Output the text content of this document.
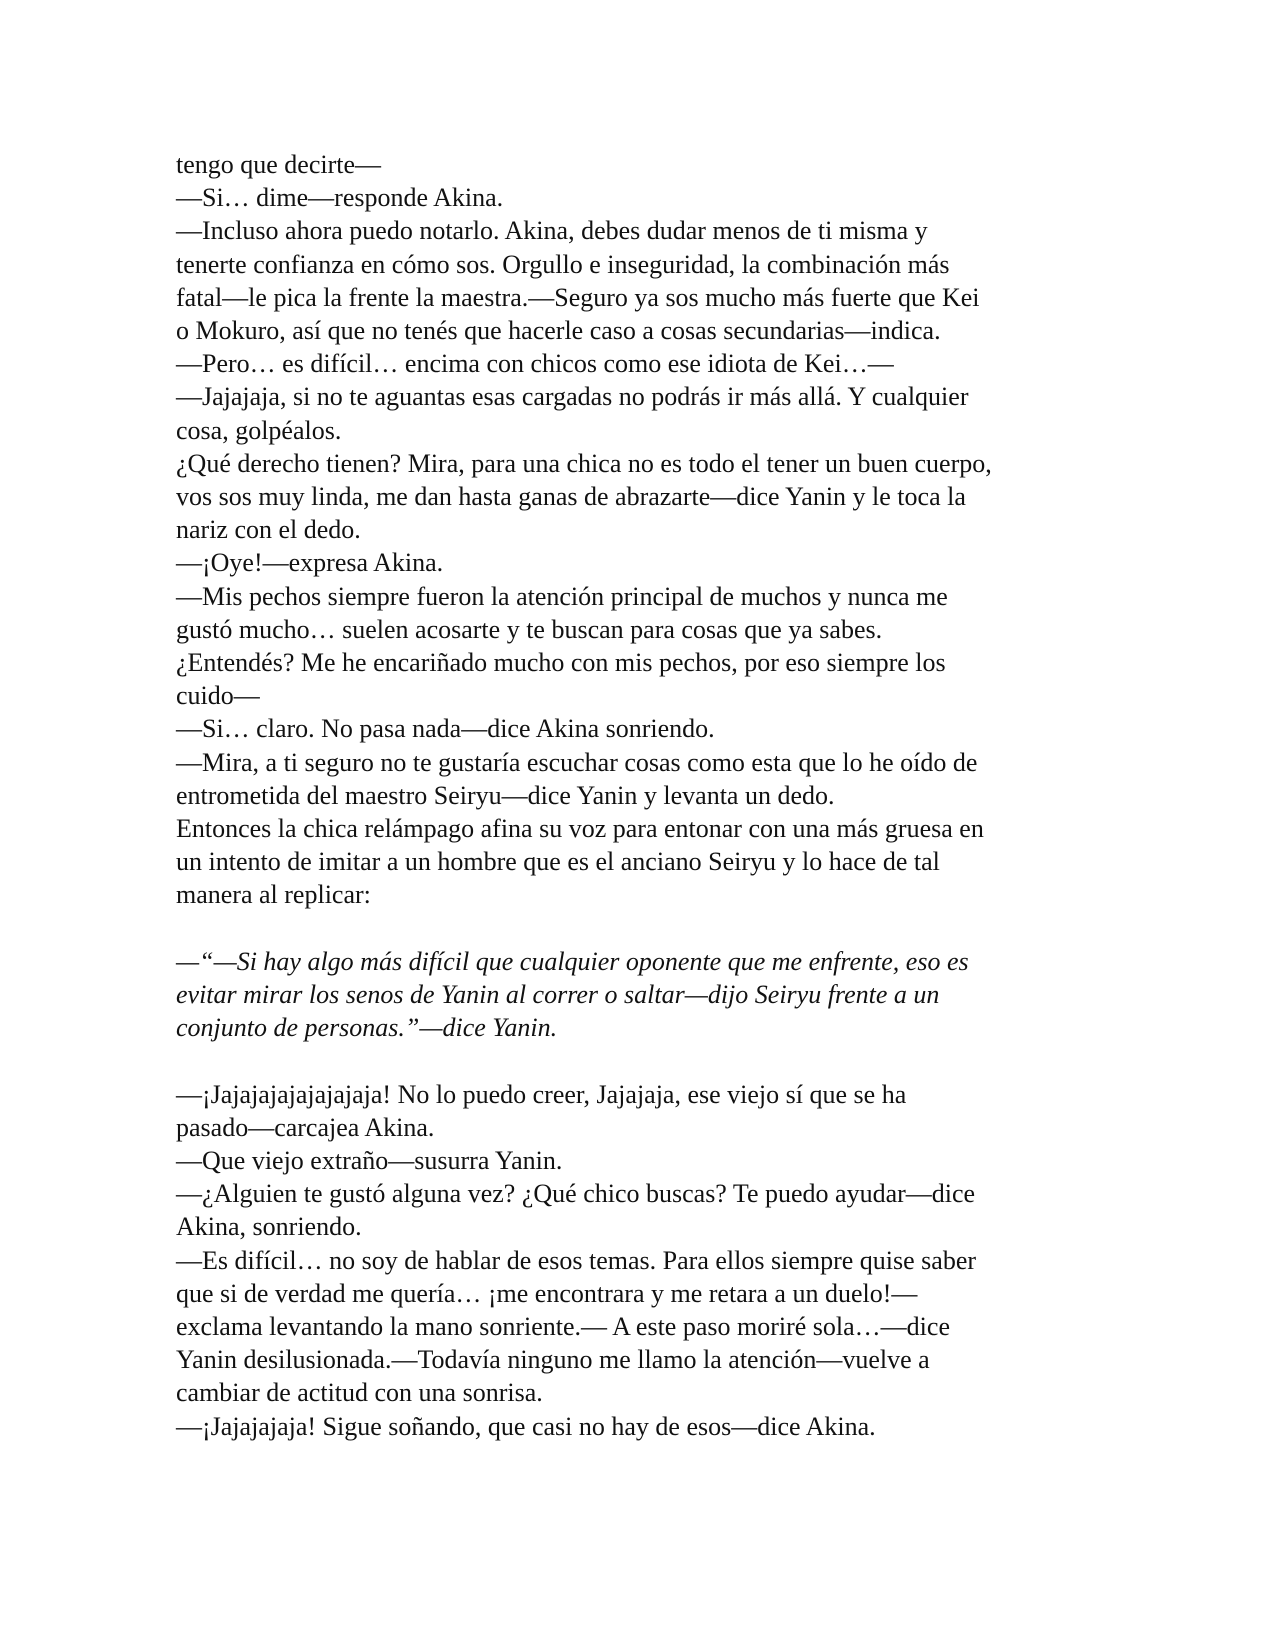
tengo que decirte—

—Si… dime—responde Akina.

—Incluso ahora puedo notarlo. Akina, debes dudar menos de ti misma y
tenerte confianza en cómo sos. Orgullo e inseguridad, la combinación más
fatal—le pica la frente la maestra.—Seguro ya sos mucho más fuerte que Kei
o Mokuro, así que no tenés que hacerle caso a cosas secundarias—indica.

—Pero… es difícil… encima con chicos como ese idiota de Kei…—

—Jajajaja, si no te aguantas esas cargadas no podrás ir más allá. Y cualquier
cosa, golpéalos.

¿Qué derecho tienen? Mira, para una chica no es todo el tener un buen cuerpo,
vos sos muy linda, me dan hasta ganas de abrazarte—dice Yanin y le toca la
nariz con el dedo.

—¡Oye!—expresa Akina.

—Mis pechos siempre fueron la atención principal de muchos y nunca me
gustó mucho… suelen acosarte y te buscan para cosas que ya sabes.
¿Entendés? Me he encariñado mucho con mis pechos, por eso siempre los
cuido—

—Si… claro. No pasa nada—dice Akina sonriendo.

—Mira, a ti seguro no te gustaría escuchar cosas como esta que lo he oído de
entrometida del maestro Seiryu—dice Yanin y levanta un dedo.

Entonces la chica relámpago afina su voz para entonar con una más gruesa en
un intento de imitar a un hombre que es el anciano Seiryu y lo hace de tal
manera al replicar:

—“—Si hay algo más difícil que cualquier oponente que me enfrente, eso es
evitar mirar los senos de Yanin al correr o saltar—dijo Seiryu frente a un
conjunto de personas.”—dice Yanin.

—¡Jajajajajajajajaja! No lo puedo creer, Jajajaja, ese viejo sí que se ha
pasado—carcajea Akina.

—Que viejo extraño—susurra Yanin.

—¿Alguien te gustó alguna vez? ¿Qué chico buscas? Te puedo ayudar—dice
Akina, sonriendo.

—Es difícil… no soy de hablar de esos temas. Para ellos siempre quise saber
que si de verdad me quería… ¡me encontrara y me retara a un duelo!—
exclama levantando la mano sonriente.— A este paso moriré sola…—dice
Yanin desilusionada.—Todavía ninguno me llamo la atención—vuelve a
cambiar de actitud con una sonrisa.

—¡Jajajajaja! Sigue soñando, que casi no hay de esos—dice Akina.
